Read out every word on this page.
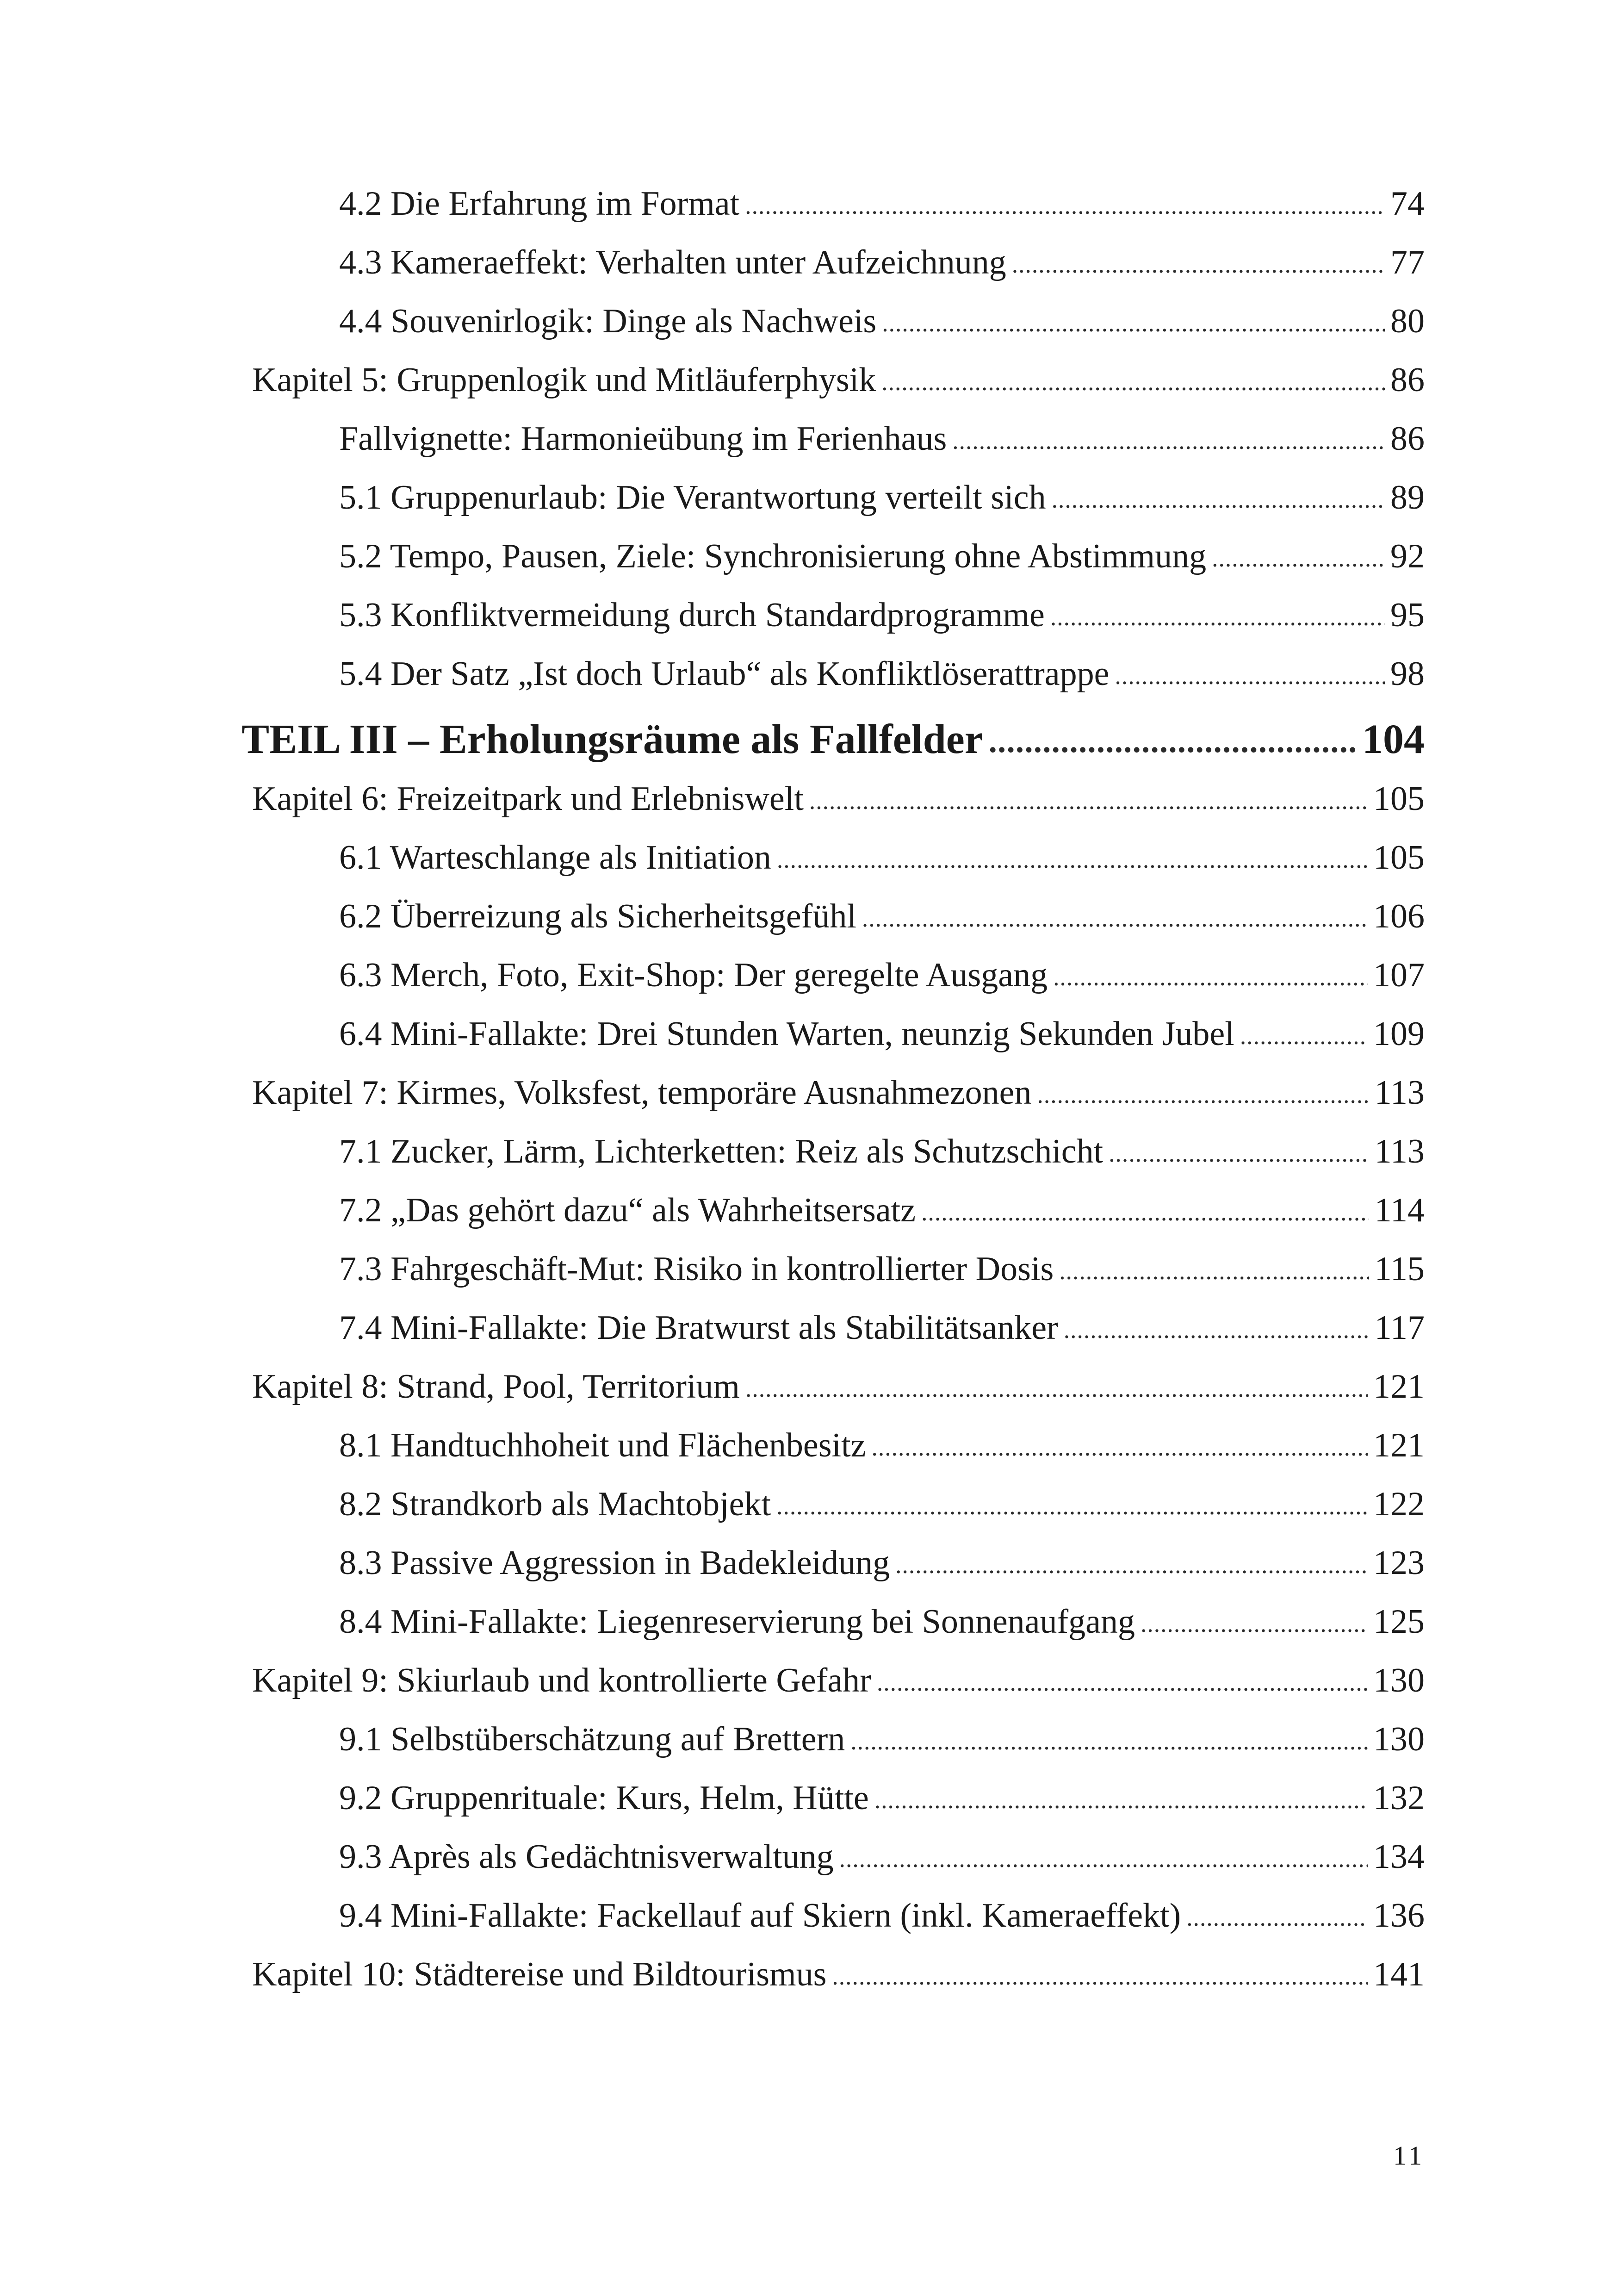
4.2 Die Erfahrung im Format .....	74
4.3 Kameraeffekt: Verhalten unter Aufzeichnung .....	77
4.4 Souvenirlogik: Dinge als Nachweis .....	80
Kapitel 5: Gruppenlogik und Mitläuferphysik .....	86
Fallvignette: Harmonieübung im Ferienhaus .....	86
5.1 Gruppenurlaub: Die Verantwortung verteilt sich .....	89
5.2 Tempo, Pausen, Ziele: Synchronisierung ohne Abstimmung .....	92
5.3 Konfliktvermeidung durch Standardprogramme .....	95
5.4 Der Satz „Ist doch Urlaub“ als Konfliktlöserattrappe .....	98
TEIL III – Erholungsräume als Fallfelder .....	104
Kapitel 6: Freizeitpark und Erlebniswelt .....	105
6.1 Warteschlange als Initiation .....	105
6.2 Überreizung als Sicherheitsgefühl .....	106
6.3 Merch, Foto, Exit-Shop: Der geregelte Ausgang .....	107
6.4 Mini-Fallakte: Drei Stunden Warten, neunzig Sekunden Jubel .....	109
Kapitel 7: Kirmes, Volksfest, temporäre Ausnahmezonen .....	113
7.1 Zucker, Lärm, Lichterketten: Reiz als Schutzschicht .....	113
7.2 „Das gehört dazu“ als Wahrheitsersatz .....	114
7.3 Fahrgeschäft-Mut: Risiko in kontrollierter Dosis .....	115
7.4 Mini-Fallakte: Die Bratwurst als Stabilitätsanker .....	117
Kapitel 8: Strand, Pool, Territorium .....	121
8.1 Handtuchhoheit und Flächenbesitz .....	121
8.2 Strandkorb als Machtobjekt .....	122
8.3 Passive Aggression in Badekleidung .....	123
8.4 Mini-Fallakte: Liegenreservierung bei Sonnenaufgang .....	125
Kapitel 9: Skiurlaub und kontrollierte Gefahr .....	130
9.1 Selbstüberschätzung auf Brettern .....	130
9.2 Gruppenrituale: Kurs, Helm, Hütte .....	132
9.3 Après als Gedächtnisverwaltung .....	134
9.4 Mini-Fallakte: Fackellauf auf Skiern (inkl. Kameraeffekt) .....	136
Kapitel 10: Städtereise und Bildtourismus .....	141
11
